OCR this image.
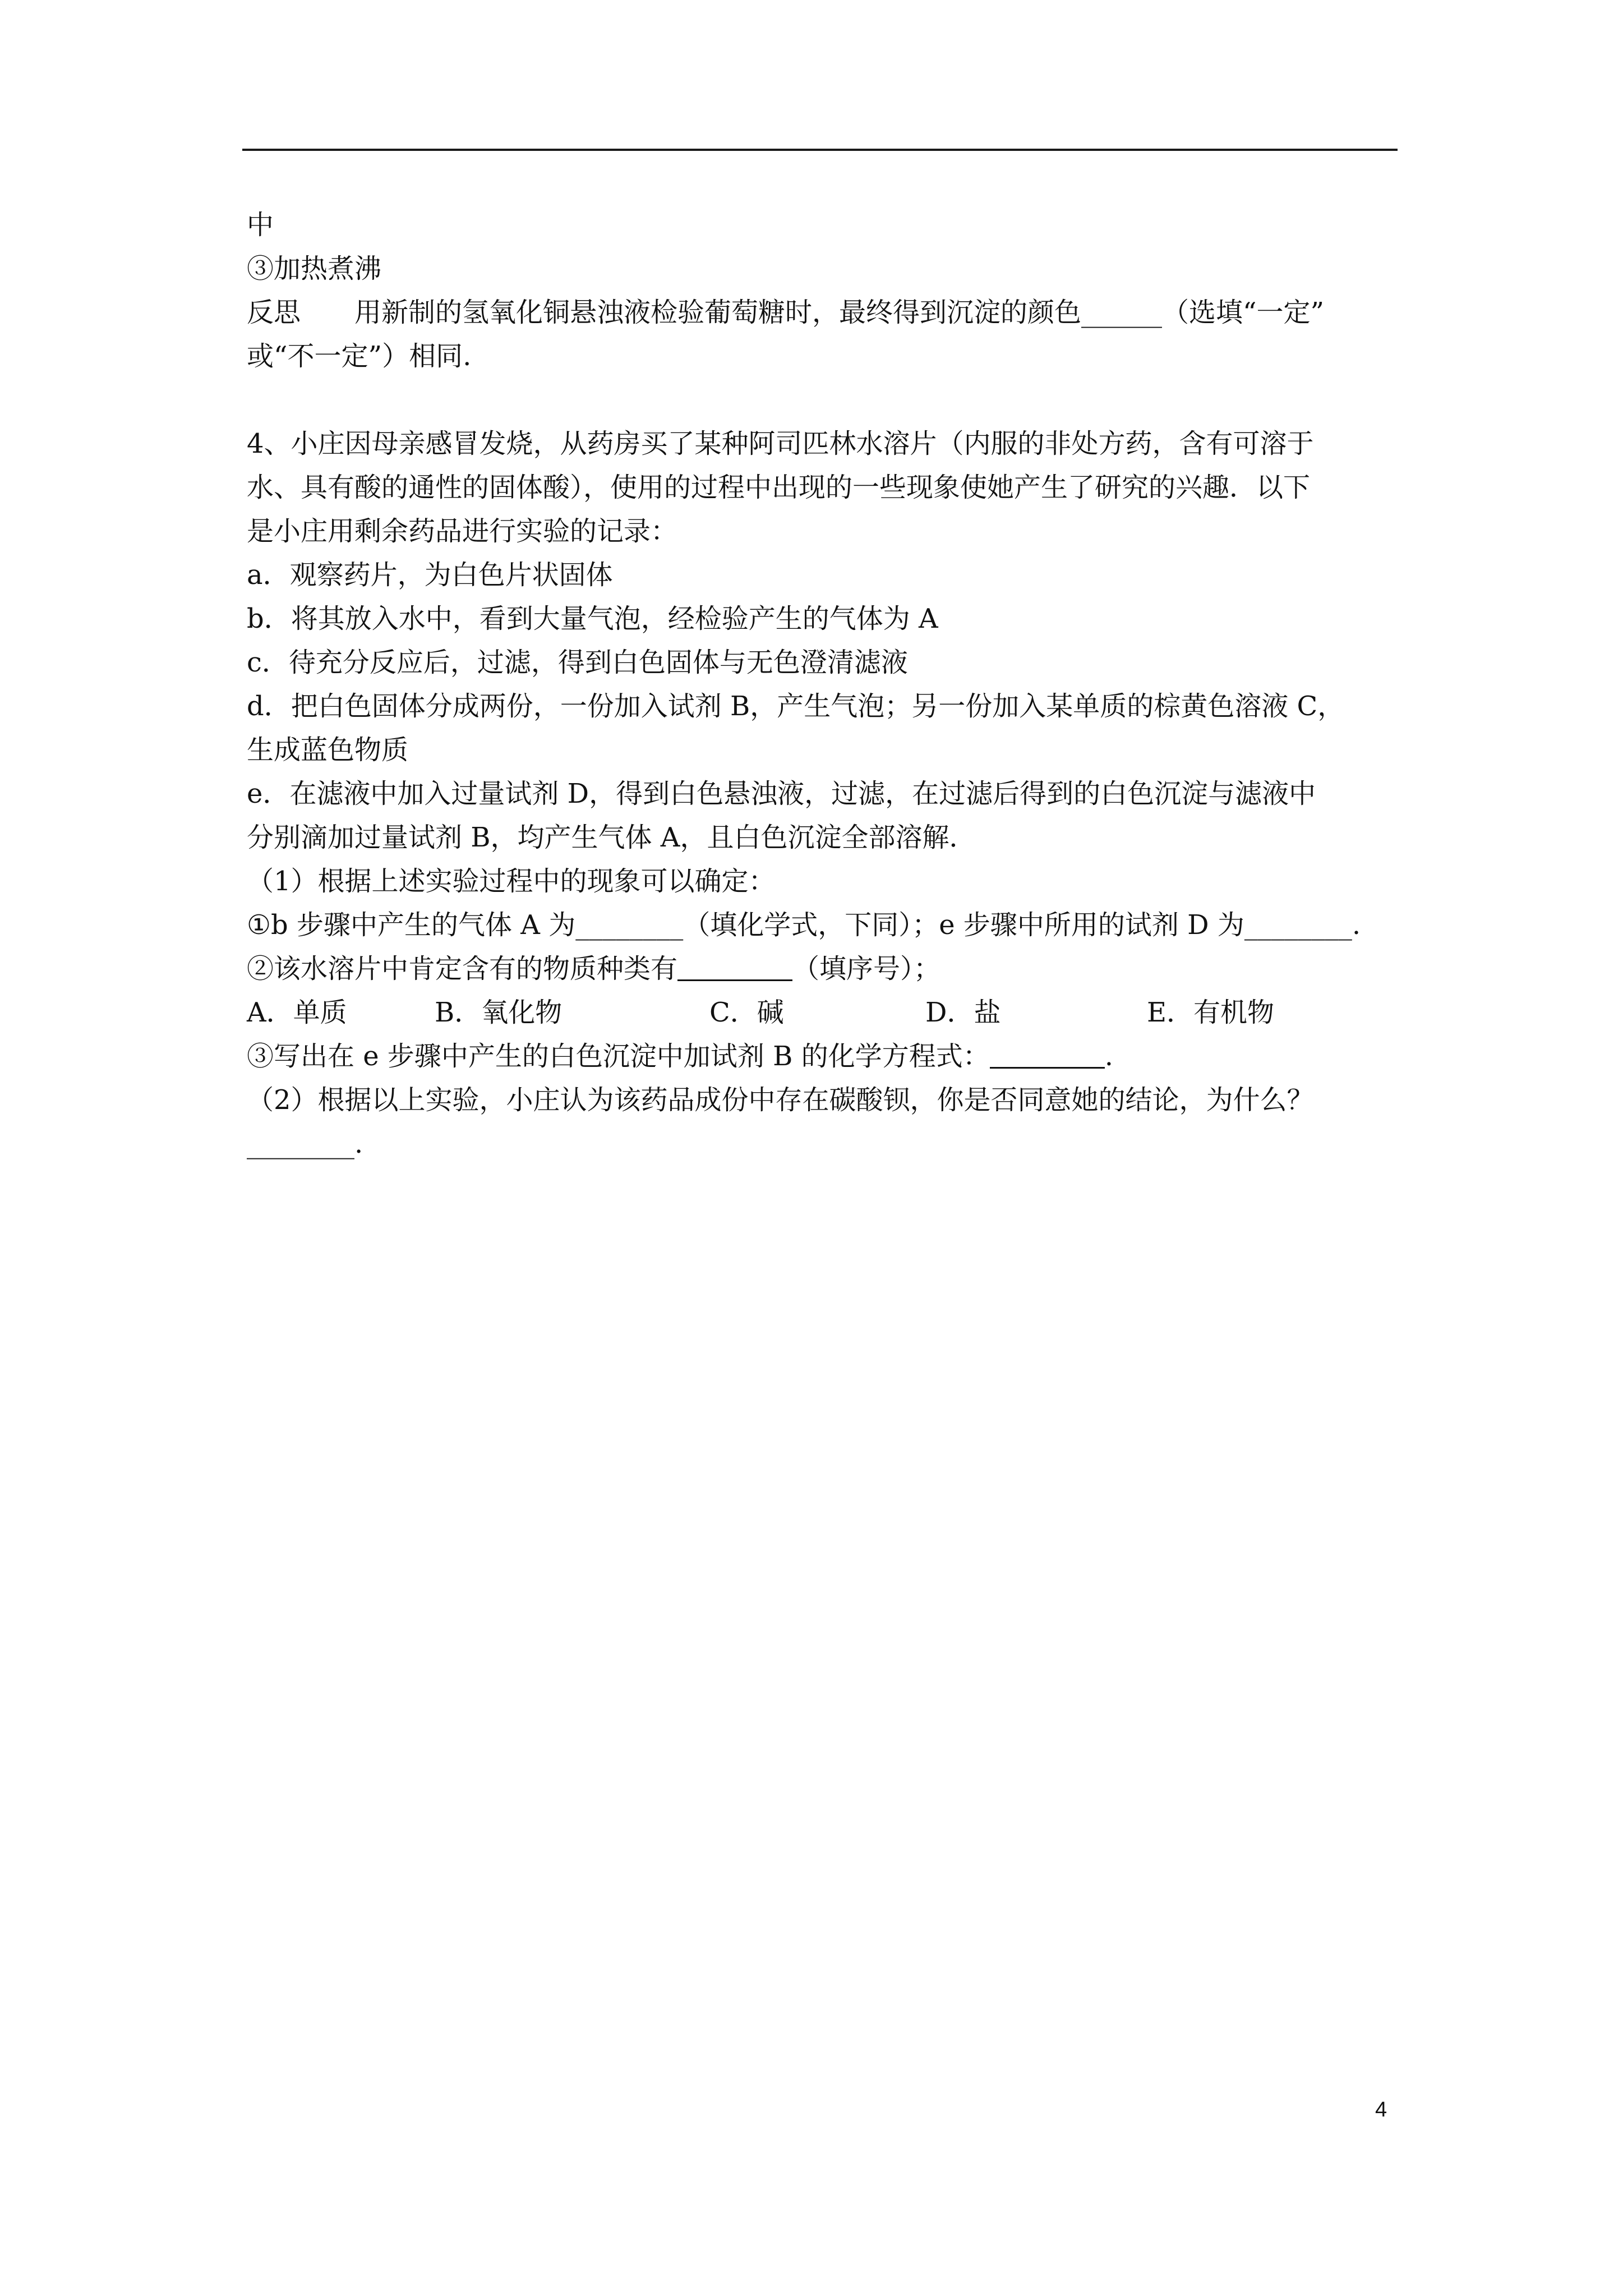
中
③加热煮沸
反思 用新制的氢氧化铜悬浊液检验葡萄糖时，最终得到沉淀的颜色______（选填“一定”
或“不一定”）相同.
4、小庄因母亲感冒发烧，从药房买了某种阿司匹林水溶片（内服的非处方药，含有可溶于
水、具有酸的通性的固体酸），使用的过程中出现的一些现象使她产生了研究的兴趣．以下
是小庄用剩余药品进行实验的记录：
a．观察药片，为白色片状固体
b．将其放入水中，看到大量气泡，经检验产生的气体为 A
c．待充分反应后，过滤，得到白色固体与无色澄清滤液
d．把白色固体分成两份，一份加入试剂 B，产生气泡；另一份加入某单质的棕黄色溶液 C，
生成蓝色物质
e．在滤液中加入过量试剂 D，得到白色悬浊液，过滤，在过滤后得到的白色沉淀与滤液中
分别滴加过量试剂 B，均产生气体 A，且白色沉淀全部溶解．
（1）根据上述实验过程中的现象可以确定：
①b 步骤中产生的气体 A 为________（填化学式，下同）；e 步骤中所用的试剂 D 为________.
②该水溶片中肯定含有的物质种类有	（填序号）；
A．单质	B．氧化物	C．碱	D．盐	E．有机物
③写出在 e 步骤中产生的白色沉淀中加试剂 B 的化学方程式：	.
（2）根据以上实验，小庄认为该药品成份中存在碳酸钡，你是否同意她的结论，为什么？
________.
4
